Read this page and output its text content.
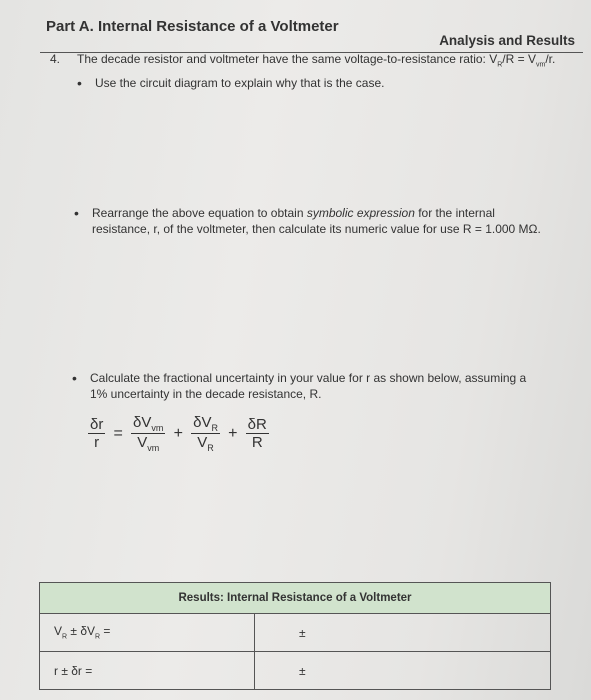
Part A. Internal Resistance of a Voltmeter
Analysis and Results
4. The decade resistor and voltmeter have the same voltage-to-resistance ratio: $V_R/R = V_{vm}/r$.
• Use the circuit diagram to explain why that is the case.
• Rearrange the above equation to obtain symbolic expression for the internal resistance, r, of the voltmeter, then calculate its numeric value for use R = 1.000 MΩ.
• Calculate the fractional uncertainty in your value for r as shown below, assuming a 1% uncertainty in the decade resistance, R.
$\frac{\delta r}{r} = \frac{\delta V_{vm}}{V_{vm}} + \frac{\delta V_R}{V_R} + \frac{\delta R}{R}$
Results: Internal Resistance of a Voltmeter	
$V_R \pm \delta V_R$ =	±
r ± δr =	±
